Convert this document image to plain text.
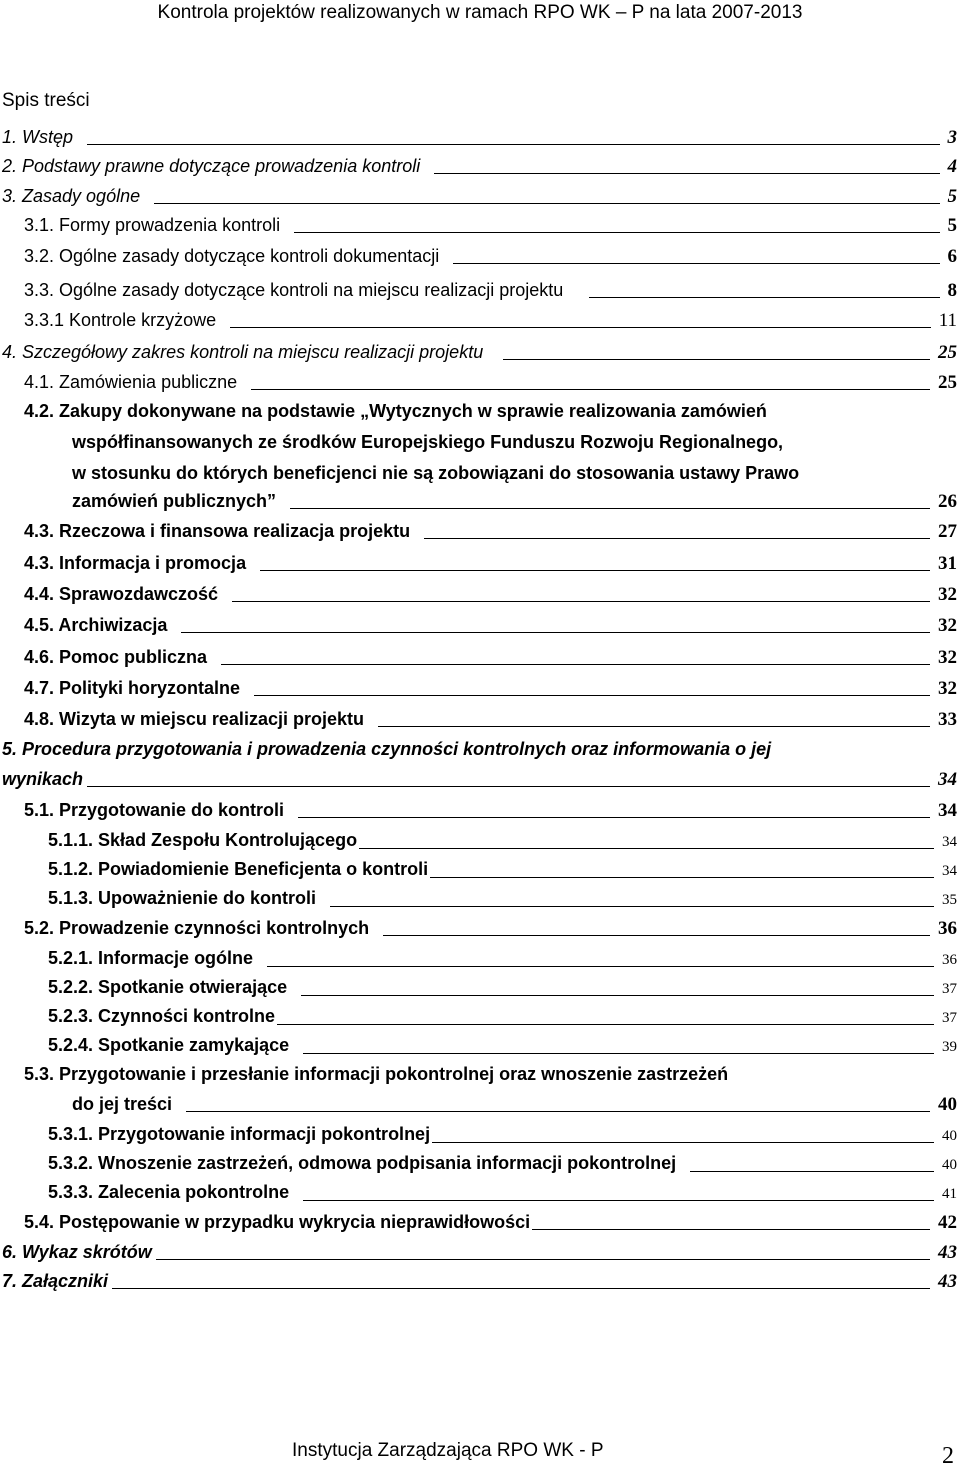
Kontrola projektów realizowanych w ramach RPO WK – P na lata 2007-2013
Spis treści
1. Wstęp	3
2. Podstawy prawne dotyczące prowadzenia kontroli	4
3. Zasady ogólne	5
3.1. Formy prowadzenia kontroli	5
3.2. Ogólne zasady dotyczące kontroli dokumentacji	6
3.3. Ogólne zasady dotyczące kontroli na miejscu realizacji projektu	8
3.3.1 Kontrole krzyżowe	11
4. Szczegółowy zakres kontroli na miejscu realizacji projektu	25
4.1. Zamówienia publiczne	25
4.2. Zakupy dokonywane na podstawie „Wytycznych w sprawie realizowania zamówień
współfinansowanych ze środków Europejskiego Funduszu Rozwoju Regionalnego,
w stosunku do których beneficjenci nie są zobowiązani do stosowania ustawy Prawo
zamówień publicznych”	26
4.3. Rzeczowa i finansowa realizacja projektu	27
4.3. Informacja i promocja	31
4.4. Sprawozdawczość	32
4.5. Archiwizacja	32
4.6. Pomoc publiczna	32
4.7. Polityki horyzontalne	32
4.8. Wizyta w miejscu realizacji projektu	33
5. Procedura przygotowania i prowadzenia czynności kontrolnych oraz informowania o jej
wynikach	34
5.1. Przygotowanie do kontroli	34
5.1.1. Skład Zespołu Kontrolującego	34
5.1.2. Powiadomienie Beneficjenta o kontroli	34
5.1.3. Upoważnienie do kontroli	35
5.2. Prowadzenie czynności kontrolnych	36
5.2.1. Informacje ogólne	36
5.2.2. Spotkanie otwierające	37
5.2.3. Czynności kontrolne	37
5.2.4. Spotkanie zamykające	39
5.3. Przygotowanie i przesłanie informacji pokontrolnej oraz wnoszenie zastrzeżeń
do jej treści	40
5.3.1. Przygotowanie informacji pokontrolnej	40
5.3.2. Wnoszenie zastrzeżeń, odmowa podpisania informacji pokontrolnej	40
5.3.3. Zalecenia pokontrolne	41
5.4. Postępowanie w przypadku wykrycia nieprawidłowości	42
6. Wykaz skrótów	43
7. Załączniki	43
Instytucja Zarządzająca RPO WK - P	2
